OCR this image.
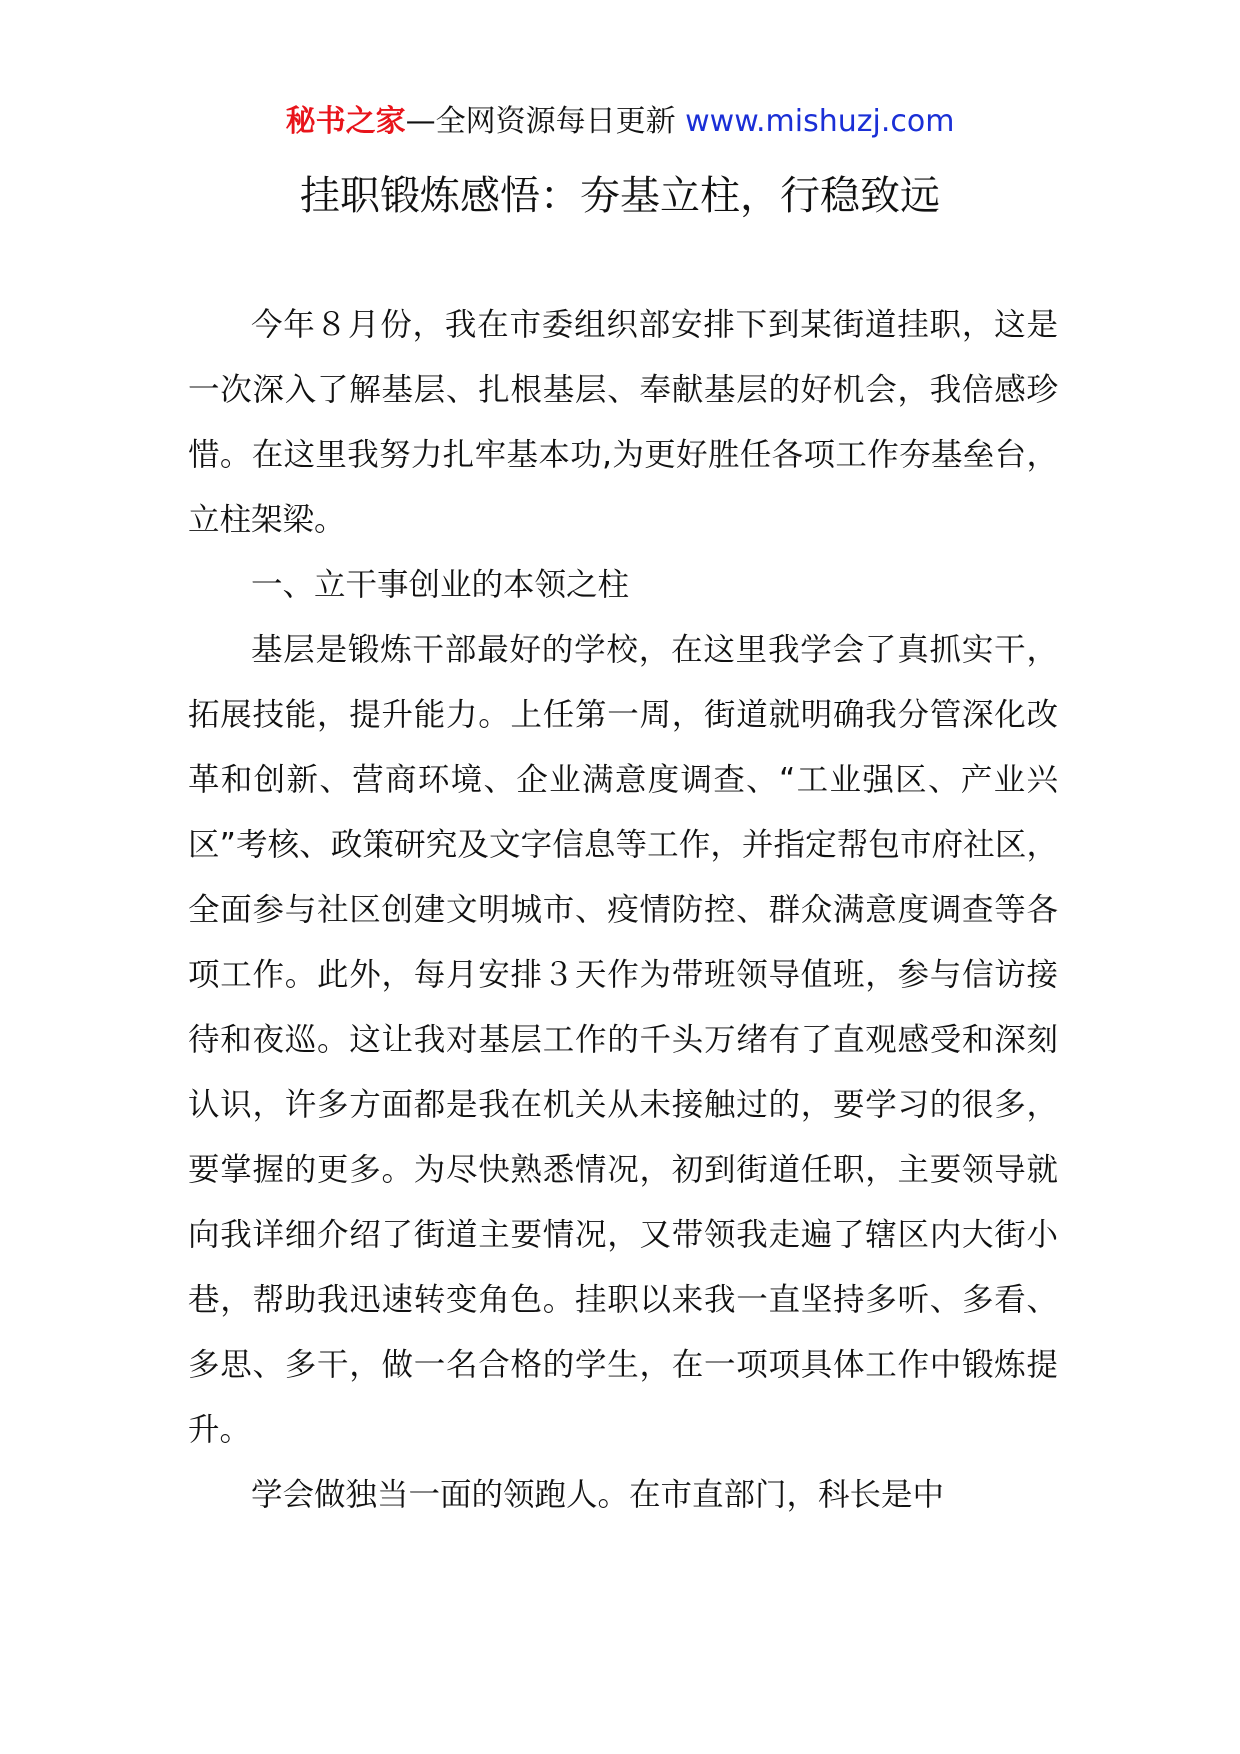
秘书之家—全网资源每日更新 www.mishuzj.com
挂职锻炼感悟：夯基立柱，行稳致远

今年８月份，我在市委组织部安排下到某街道挂职，这是一次深入了解基层、扎根基层、奉献基层的好机会，我倍感珍惜。在这里我努力扎牢基本功,为更好胜任各项工作夯基垒台，立柱架梁。

一、立干事创业的本领之柱

基层是锻炼干部最好的学校，在这里我学会了真抓实干，拓展技能，提升能力。上任第一周，街道就明确我分管深化改革和创新、营商环境、企业满意度调查、“工业强区、产业兴区”考核、政策研究及文字信息等工作，并指定帮包市府社区，全面参与社区创建文明城市、疫情防控、群众满意度调查等各项工作。此外，每月安排３天作为带班领导值班，参与信访接待和夜巡。这让我对基层工作的千头万绪有了直观感受和深刻认识，许多方面都是我在机关从未接触过的，要学习的很多，要掌握的更多。为尽快熟悉情况，初到街道任职，主要领导就向我详细介绍了街道主要情况，又带领我走遍了辖区内大街小巷，帮助我迅速转变角色。挂职以来我一直坚持多听、多看、多思、多干，做一名合格的学生，在一项项具体工作中锻炼提升。

学会做独当一面的领跑人。在市直部门，科长是中
